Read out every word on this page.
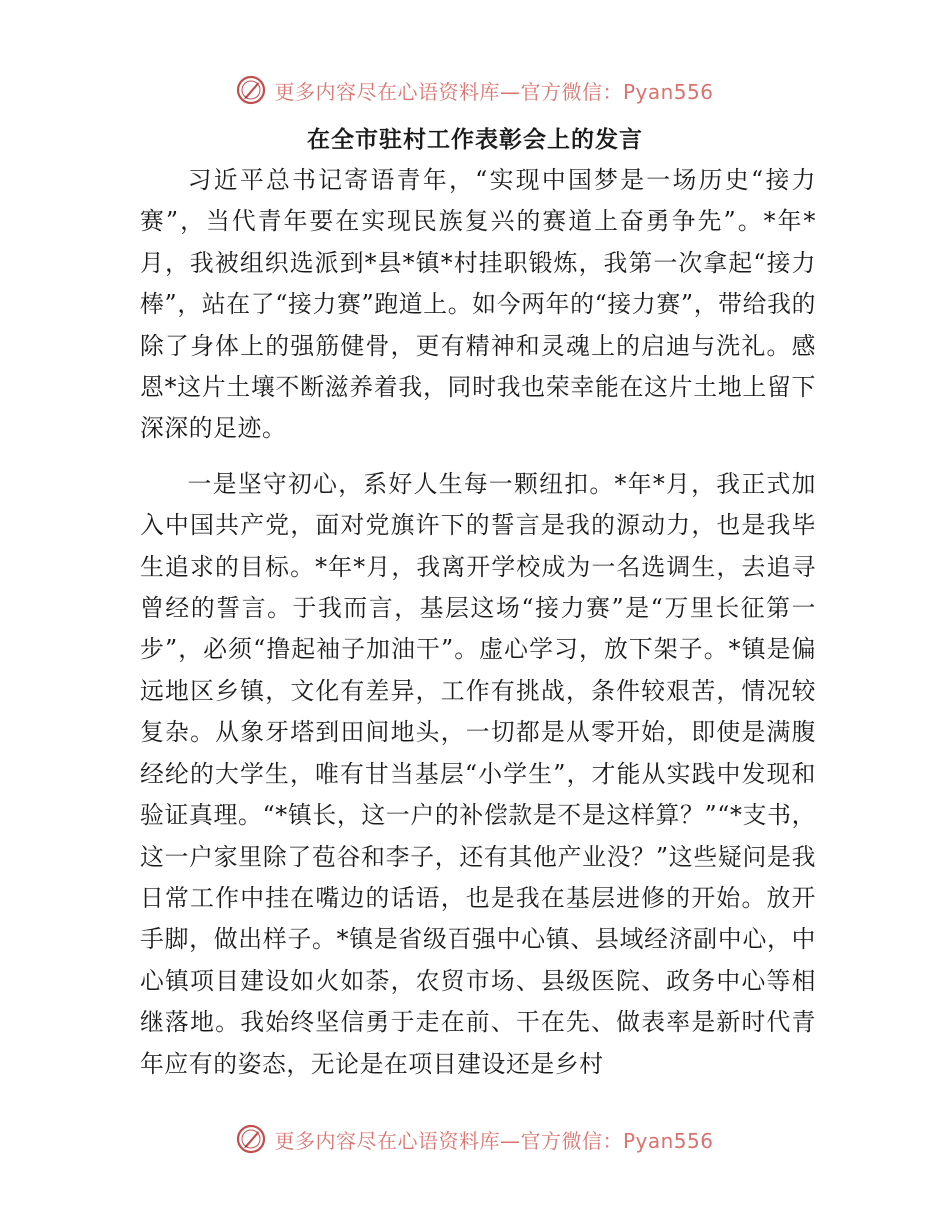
更多内容尽在心语资料库—官方微信：Pyan556
在全市驻村工作表彰会上的发言

习近平总书记寄语青年，“实现中国梦是一场历史“接力赛”，当代青年要在实现民族复兴的赛道上奋勇争先”。*年*月，我被组织选派到*县*镇*村挂职锻炼，我第一次拿起“接力棒”，站在了“接力赛”跑道上。如今两年的“接力赛”，带给我的除了身体上的强筋健骨，更有精神和灵魂上的启迪与洗礼。感恩*这片土壤不断滋养着我，同时我也荣幸能在这片土地上留下深深的足迹。

一是坚守初心，系好人生每一颗纽扣。*年*月，我正式加入中国共产党，面对党旗许下的誓言是我的源动力，也是我毕生追求的目标。*年*月，我离开学校成为一名选调生，去追寻曾经的誓言。于我而言，基层这场“接力赛”是“万里长征第一步”，必须“撸起袖子加油干”。虚心学习，放下架子。*镇是偏远地区乡镇，文化有差异，工作有挑战，条件较艰苦，情况较复杂。从象牙塔到田间地头，一切都是从零开始，即使是满腹经纶的大学生，唯有甘当基层“小学生”，才能从实践中发现和验证真理。“*镇长，这一户的补偿款是不是这样算？”“*支书，这一户家里除了苞谷和李子，还有其他产业没？”这些疑问是我日常工作中挂在嘴边的话语，也是我在基层进修的开始。放开手脚，做出样子。*镇是省级百强中心镇、县域经济副中心，中心镇项目建设如火如荼，农贸市场、县级医院、政务中心等相继落地。我始终坚信勇于走在前、干在先、做表率是新时代青年应有的姿态，无论是在项目建设还是乡村

更多内容尽在心语资料库—官方微信：Pyan556
